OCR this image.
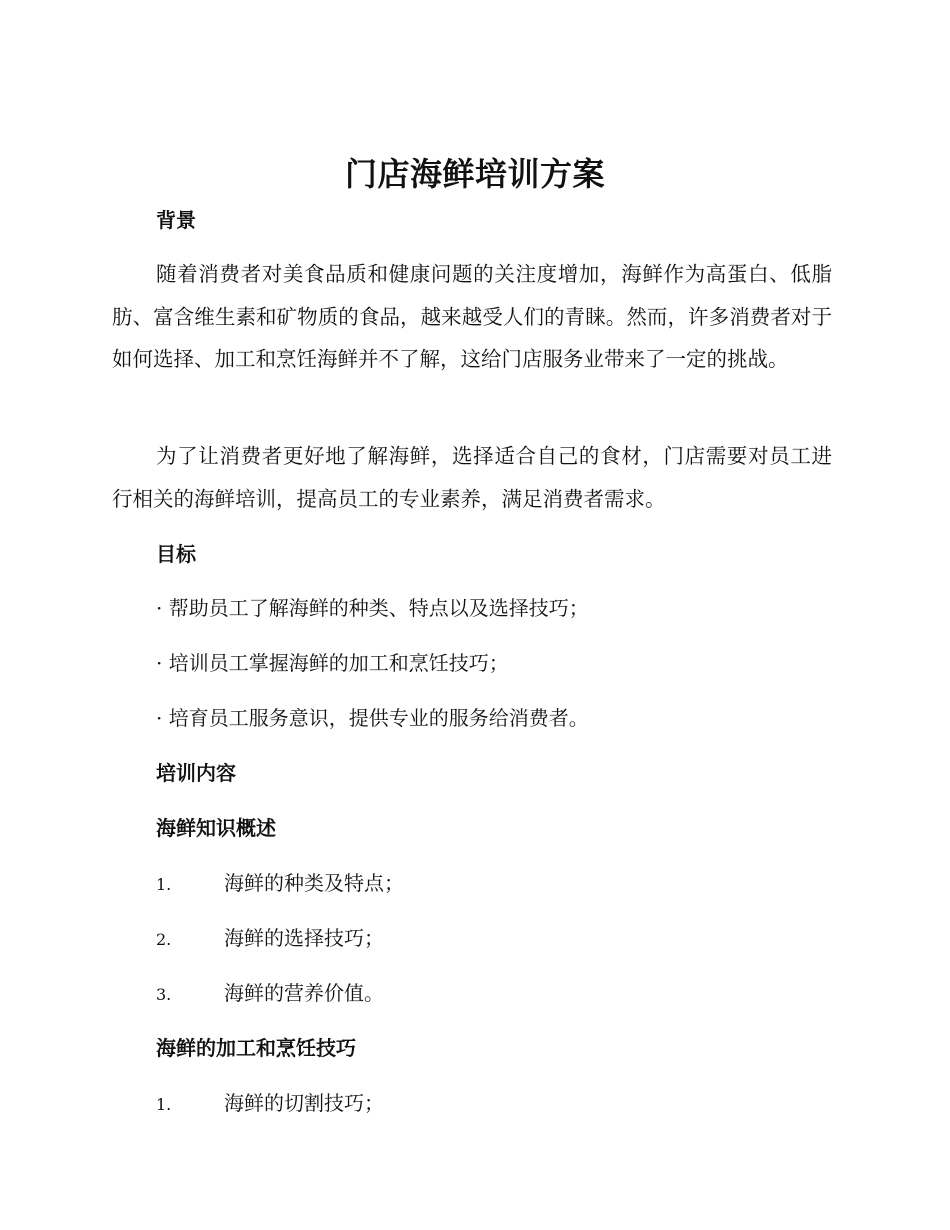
门店海鲜培训方案
背景

随着消费者对美食品质和健康问题的关注度增加，海鲜作为高蛋白、低脂肪、富含维生素和矿物质的食品，越来越受人们的青睐。然而，许多消费者对于如何选择、加工和烹饪海鲜并不了解，这给门店服务业带来了一定的挑战。

为了让消费者更好地了解海鲜，选择适合自己的食材，门店需要对员工进行相关的海鲜培训，提高员工的专业素养，满足消费者需求。

目标
· 帮助员工了解海鲜的种类、特点以及选择技巧；
· 培训员工掌握海鲜的加工和烹饪技巧；
· 培育员工服务意识，提供专业的服务给消费者。
培训内容
海鲜知识概述
1.	海鲜的种类及特点；
2.	海鲜的选择技巧；
3.	海鲜的营养价值。
海鲜的加工和烹饪技巧
1.	海鲜的切割技巧；
